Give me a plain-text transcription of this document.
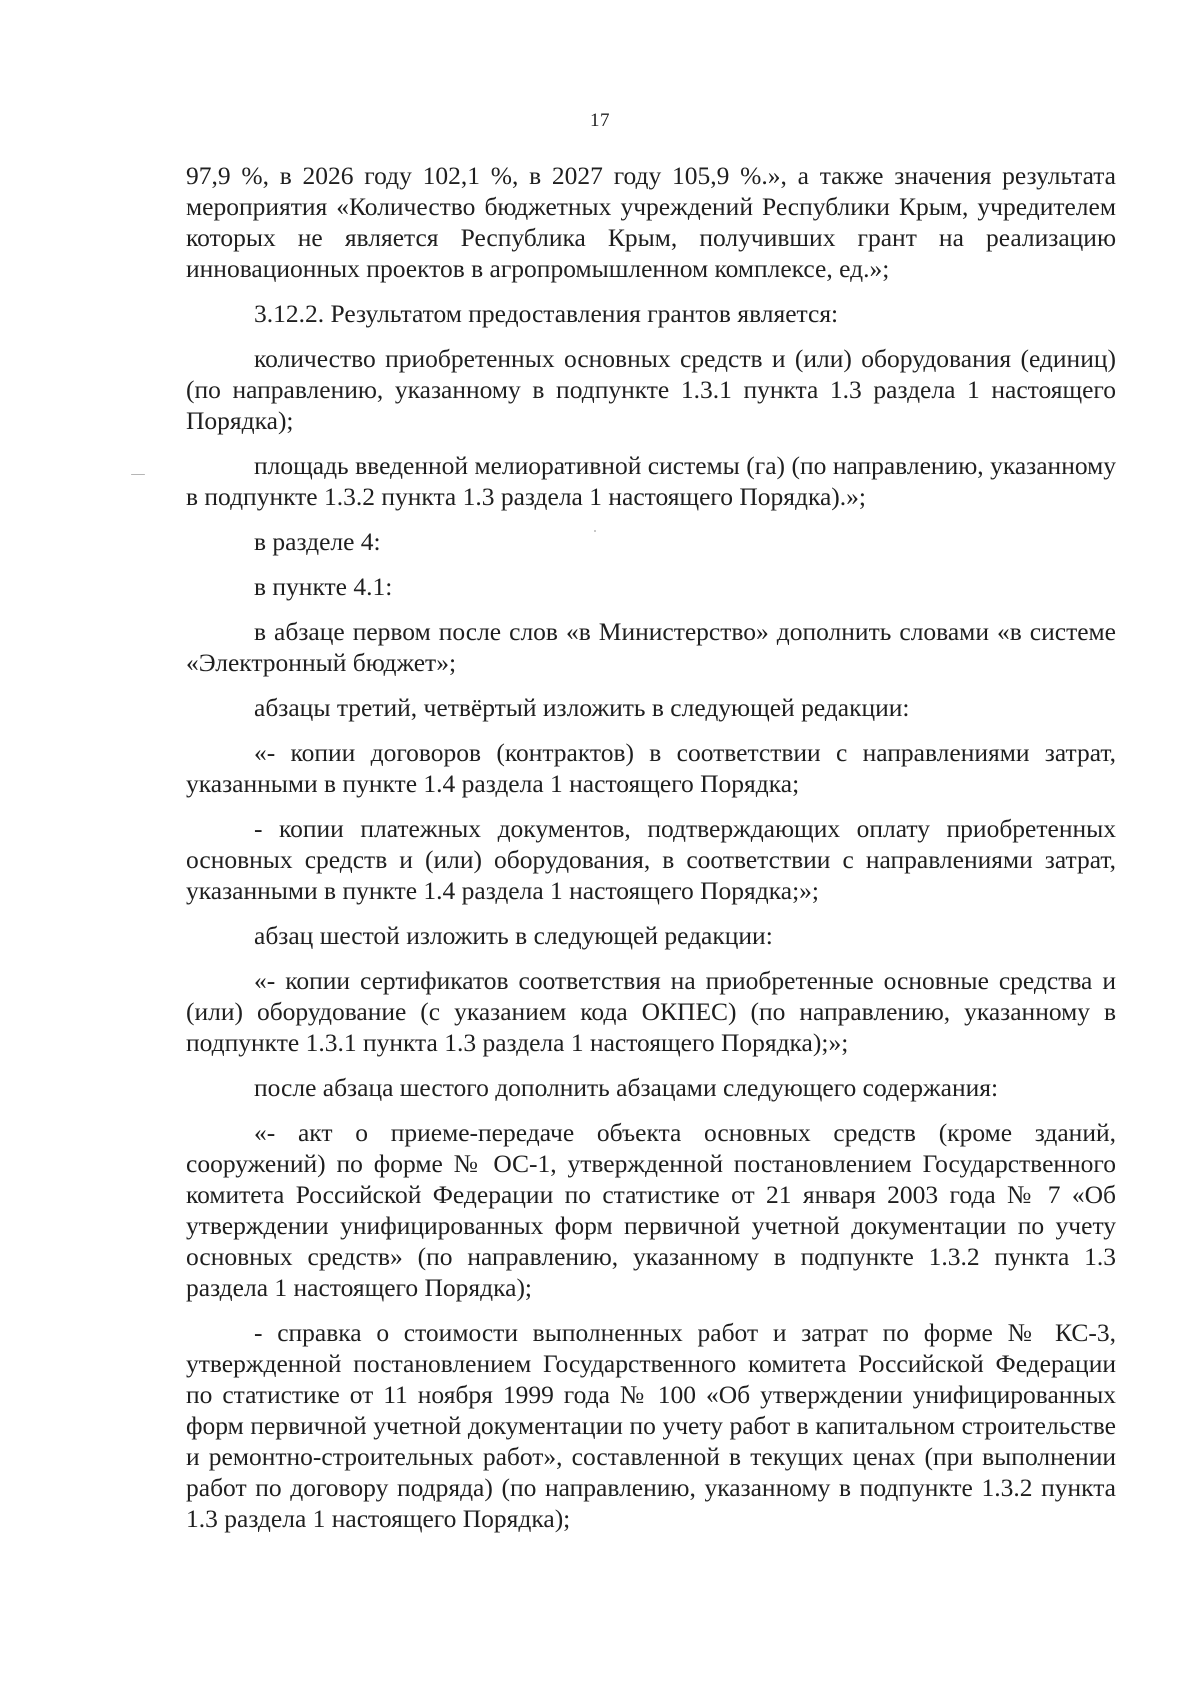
17

97,9 %, в 2026 году 102,1 %, в 2027 году 105,9 %.», а также значения результата мероприятия «Количество бюджетных учреждений Республики Крым, учредителем которых не является Республика Крым, получивших грант на реализацию инновационных проектов в агропромышленном комплексе, ед.»;

3.12.2. Результатом предоставления грантов является:

количество приобретенных основных средств и (или) оборудования (единиц) (по направлению, указанному в подпункте 1.3.1 пункта 1.3 раздела 1 настоящего Порядка);

площадь введенной мелиоративной системы (га) (по направлению, указанному в подпункте 1.3.2 пункта 1.3 раздела 1 настоящего Порядка).»;

в разделе 4:

в пункте 4.1:

в абзаце первом после слов «в Министерство» дополнить словами «в системе «Электронный бюджет»;

абзацы третий, четвёртый изложить в следующей редакции:

«- копии договоров (контрактов) в соответствии с направлениями затрат, указанными в пункте 1.4 раздела 1 настоящего Порядка;

- копии платежных документов, подтверждающих оплату приобретенных основных средств и (или) оборудования, в соответствии с направлениями затрат, указанными в пункте 1.4 раздела 1 настоящего Порядка;»;

абзац шестой изложить в следующей редакции:

«- копии сертификатов соответствия на приобретенные основные средства и (или) оборудование (с указанием кода ОКПЕС) (по направлению, указанному в подпункте 1.3.1 пункта 1.3 раздела 1 настоящего Порядка);»;

после абзаца шестого дополнить абзацами следующего содержания:

«- акт о приеме-передаче объекта основных средств (кроме зданий, сооружений) по форме № ОС-1, утвержденной постановлением Государственного комитета Российской Федерации по статистике от 21 января 2003 года № 7 «Об утверждении унифицированных форм первичной учетной документации по учету основных средств» (по направлению, указанному в подпункте 1.3.2 пункта 1.3 раздела 1 настоящего Порядка);

- справка о стоимости выполненных работ и затрат по форме № КС-3, утвержденной постановлением Государственного комитета Российской Федерации по статистике от 11 ноября 1999 года № 100 «Об утверждении унифицированных форм первичной учетной документации по учету работ в капитальном строительстве и ремонтно-строительных работ», составленной в текущих ценах (при выполнении работ по договору подряда) (по направлению, указанному в подпункте 1.3.2 пункта 1.3 раздела 1 настоящего Порядка);
